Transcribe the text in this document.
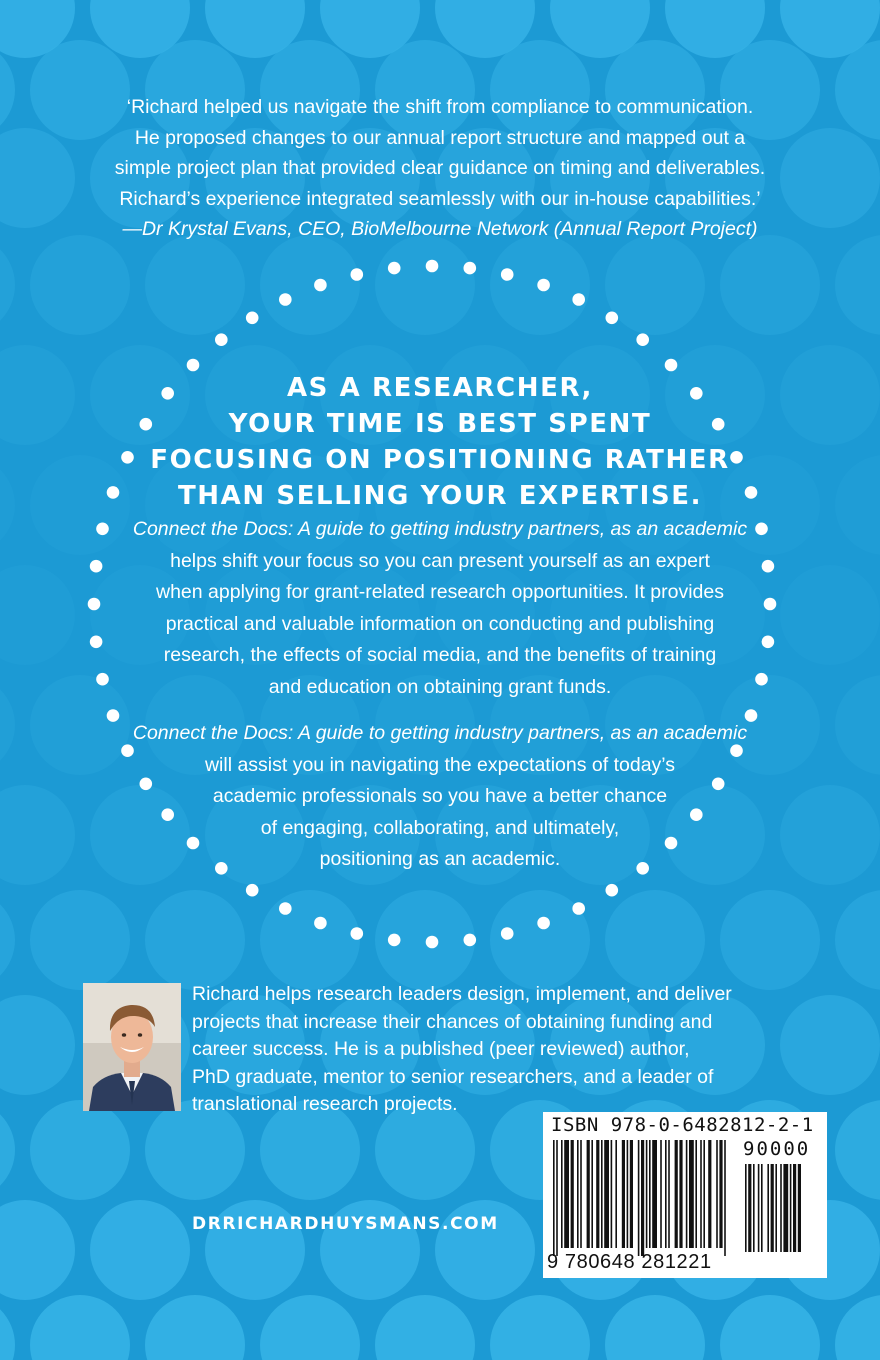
‘Richard helped us navigate the shift from compliance to communication.
He proposed changes to our annual report structure and mapped out a
simple project plan that provided clear guidance on timing and deliverables.
Richard’s experience integrated seamlessly with our in-house capabilities.’
—Dr Krystal Evans, CEO, BioMelbourne Network (Annual Report Project)
AS A RESEARCHER,
YOUR TIME IS BEST SPENT
FOCUSING ON POSITIONING RATHER
THAN SELLING YOUR EXPERTISE.
Connect the Docs: A guide to getting industry partners, as an academic
helps shift your focus so you can present yourself as an expert
when applying for grant-related research opportunities. It provides
practical and valuable information on conducting and publishing
research, the effects of social media, and the benefits of training
and education on obtaining grant funds.
Connect the Docs: A guide to getting industry partners, as an academic
will assist you in navigating the expectations of today’s
academic professionals so you have a better chance
of engaging, collaborating, and ultimately,
positioning as an academic.
Richard helps research leaders design, implement, and deliver
projects that increase their chances of obtaining funding and
career success. He is a published (peer reviewed) author,
PhD graduate, mentor to senior researchers, and a leader of
translational research projects.
DRRICHARDHUYSMANS.COM
ISBN 978-0-6482812-2-1
90000
9 780648 281221
